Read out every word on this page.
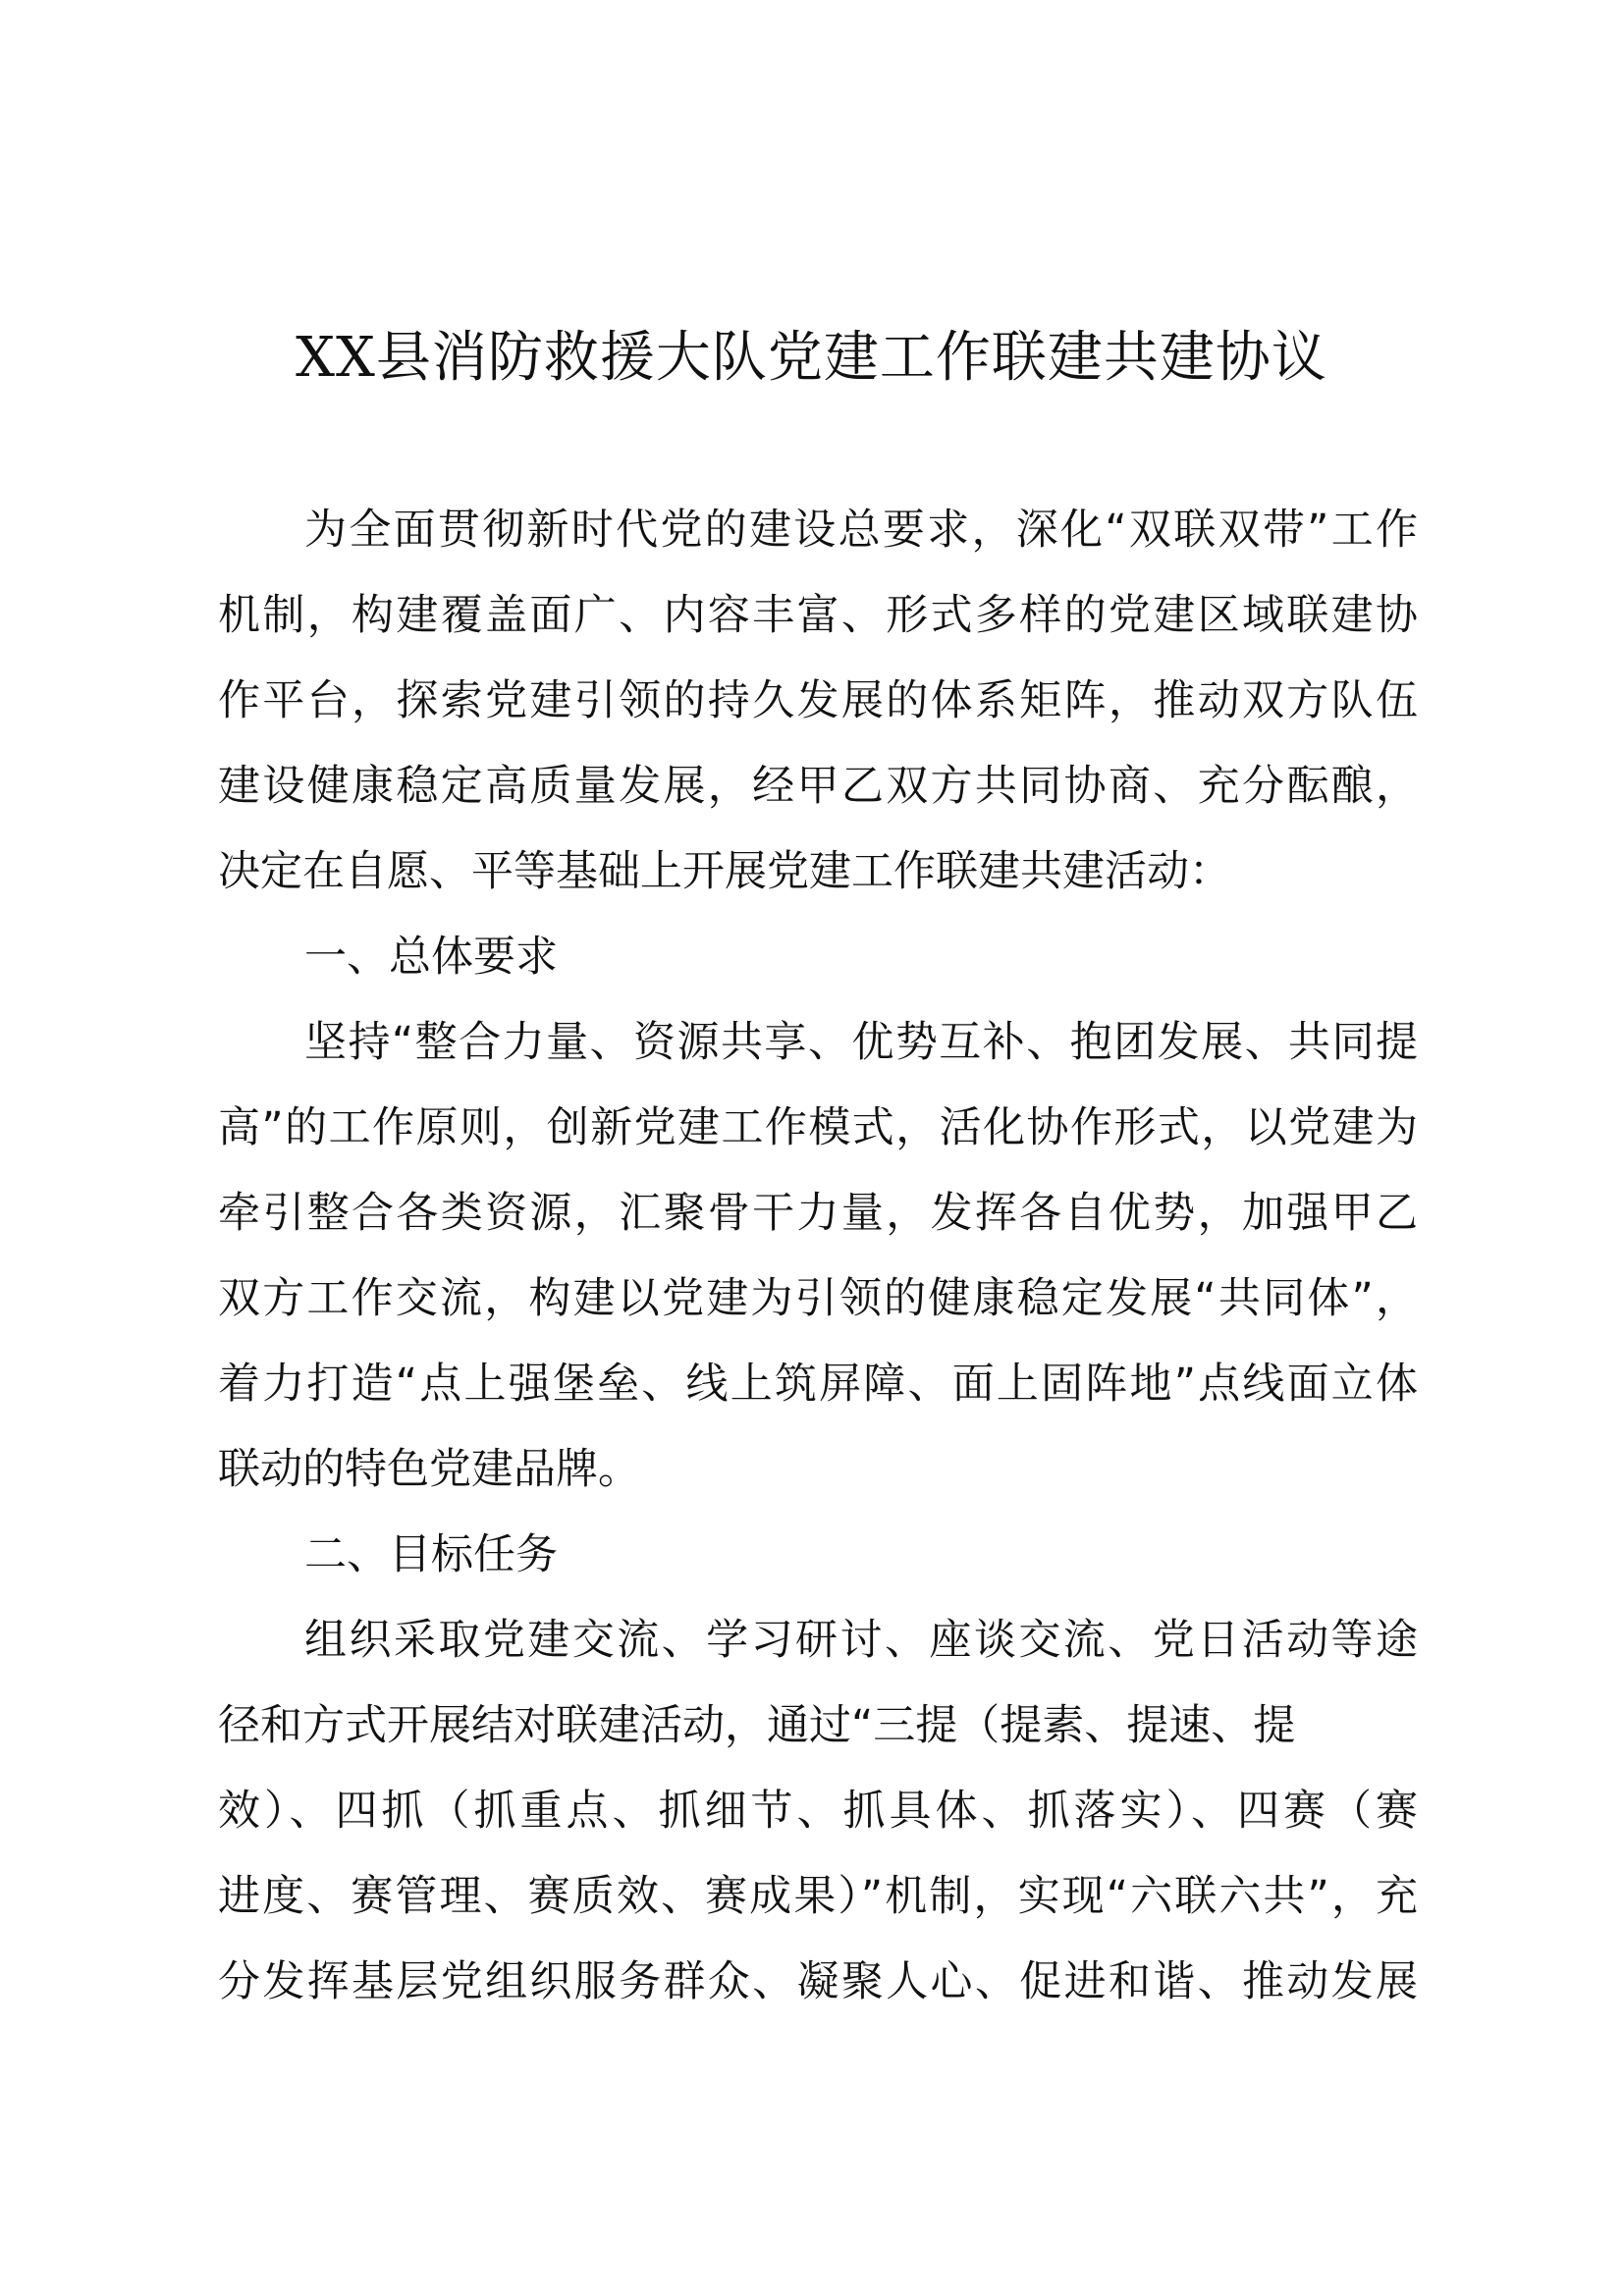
XX县消防救援大队党建工作联建共建协议
为全面贯彻新时代党的建设总要求，深化“双联双带”工作
机制，构建覆盖面广、内容丰富、形式多样的党建区域联建协
作平台，探索党建引领的持久发展的体系矩阵，推动双方队伍
建设健康稳定高质量发展，经甲乙双方共同协商、充分酝酿，
决定在自愿、平等基础上开展党建工作联建共建活动：
一、总体要求
坚持“整合力量、资源共享、优势互补、抱团发展、共同提
高”的工作原则，创新党建工作模式，活化协作形式，以党建为
牵引整合各类资源，汇聚骨干力量，发挥各自优势，加强甲乙
双方工作交流，构建以党建为引领的健康稳定发展“共同体”，
着力打造“点上强堡垒、线上筑屏障、面上固阵地”点线面立体
联动的特色党建品牌。
二、目标任务
组织采取党建交流、学习研讨、座谈交流、党日活动等途
径和方式开展结对联建活动，通过“三提（提素、提速、提
效）、四抓（抓重点、抓细节、抓具体、抓落实）、四赛（赛
进度、赛管理、赛质效、赛成果）”机制，实现“六联六共”，充
分发挥基层党组织服务群众、凝聚人心、促进和谐、推动发展
